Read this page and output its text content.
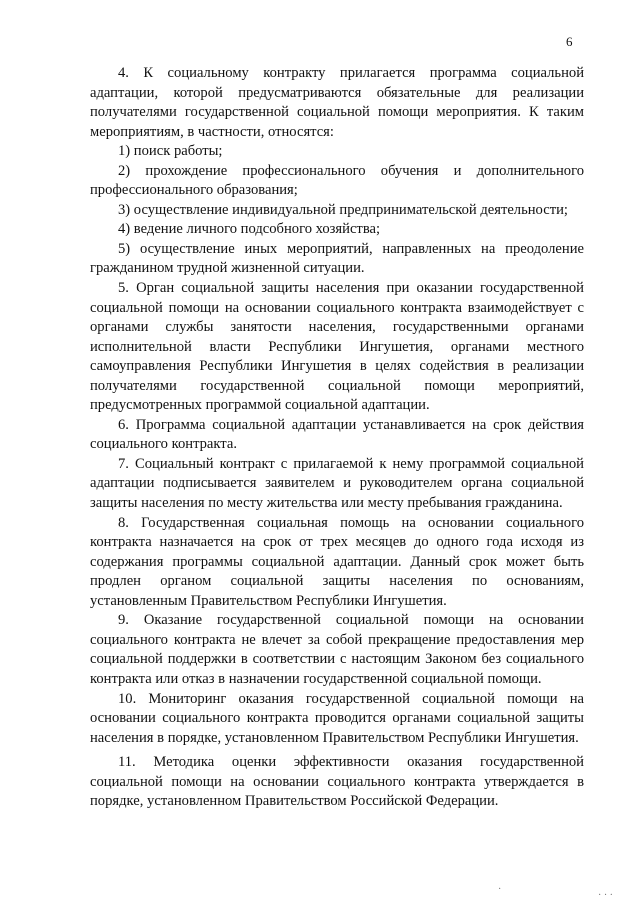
6

4. К социальному контракту прилагается программа социальной адаптации, которой предусматриваются обязательные для реализации получателями государственной социальной помощи мероприятия. К таким мероприятиям, в частности, относятся:

1) поиск работы;

2) прохождение профессионального обучения и дополнительного профессионального образования;

3) осуществление индивидуальной предпринимательской деятельности;

4) ведение личного подсобного хозяйства;

5) осуществление иных мероприятий, направленных на преодоление гражданином трудной жизненной ситуации.

5. Орган социальной защиты населения при оказании государственной социальной помощи на основании социального контракта взаимодействует с органами службы занятости населения, государственными органами исполнительной власти Республики Ингушетия, органами местного самоуправления Республики Ингушетия в целях содействия в реализации получателями государственной социальной помощи мероприятий, предусмотренных программой социальной адаптации.

6. Программа социальной адаптации устанавливается на срок действия социального контракта.

7. Социальный контракт с прилагаемой к нему программой социальной адаптации подписывается заявителем и руководителем органа социальной защиты населения по месту жительства или месту пребывания гражданина.

8. Государственная социальная помощь на основании социального контракта назначается на срок от трех месяцев до одного года исходя из содержания программы социальной адаптации. Данный срок может быть продлен органом социальной защиты населения по основаниям, установленным Правительством Республики Ингушетия.

9. Оказание государственной социальной помощи на основании социального контракта не влечет за собой прекращение предоставления мер социальной поддержки в соответствии с настоящим Законом без социального контракта или отказ в назначении государственной социальной помощи.

10. Мониторинг оказания государственной социальной помощи на основании социального контракта проводится органами социальной защиты населения в порядке, установленном Правительством Республики Ингушетия.

11. Методика оценки эффективности оказания государственной социальной помощи на основании социального контракта утверждается в порядке, установленном Правительством Российской Федерации.

·
· · ·
